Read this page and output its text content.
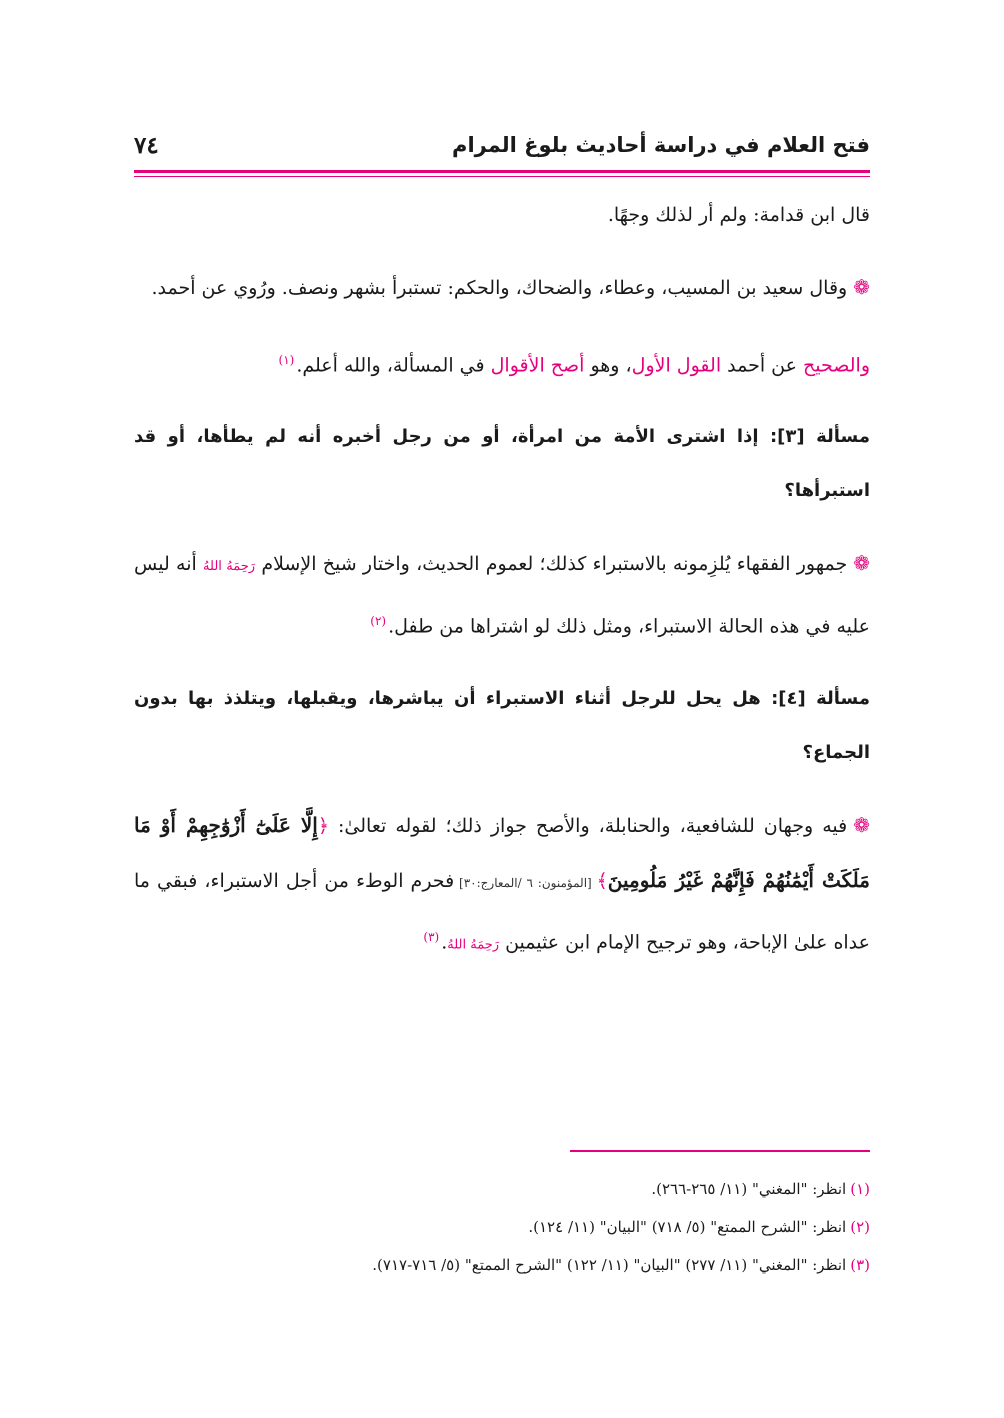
فتح العلام في دراسة أحاديث بلوغ المرام
٧٤

قال ابن قدامة: ولم أر لذلك وجهًا.

❁وقال سعيد بن المسيب، وعطاء، والضحاك، والحكم: تستبرأ بشهر ونصف. ورُوي عن أحمد.

والصحيح عن أحمد القول الأول، وهو أصح الأقوال في المسألة، والله أعلم.$^{(١)}$

مسألة [٣]: إذا اشترى الأمة من امرأة، أو من رجل أخبره أنه لم يطأها، أو قد استبرأها؟

❁جمهور الفقهاء يُلزِمونه بالاستبراء كذلك؛ لعموم الحديث، واختار شيخ الإسلام رَحِمَهُ اللهُ أنه ليس عليه في هذه الحالة الاستبراء، ومثل ذلك لو اشتراها من طفل.$^{(٢)}$

مسألة [٤]: هل يحل للرجل أثناء الاستبراء أن يباشرها، ويقبلها، ويتلذذ بها بدون الجماع؟

❁فيه وجهان للشافعية، والحنابلة، والأصح جواز ذلك؛ لقوله تعالىٰ: ﴿إِلَّا عَلَىٰٓ أَزْوَٰجِهِمْ أَوْ مَا مَلَكَتْ أَيْمَٰنُهُمْ فَإِنَّهُمْ غَيْرُ مَلُومِينَ﴾ [المؤمنون: ٦ /المعارج:٣٠] فحرم الوطء من أجل الاستبراء، فبقي ما عداه علىٰ الإباحة، وهو ترجيح الإمام ابن عثيمين رَحِمَهُ اللهُ.$^{(٣)}$

(١)انظر: "المغني" (١١/ ٢٦٥-٢٦٦).

(٢)انظر: "الشرح الممتع" (٥/ ٧١٨) "البيان" (١١/ ١٢٤).

(٣)انظر: "المغني" (١١/ ٢٧٧) "البيان" (١١/ ١٢٢) "الشرح الممتع" (٥/ ٧١٦-٧١٧).
